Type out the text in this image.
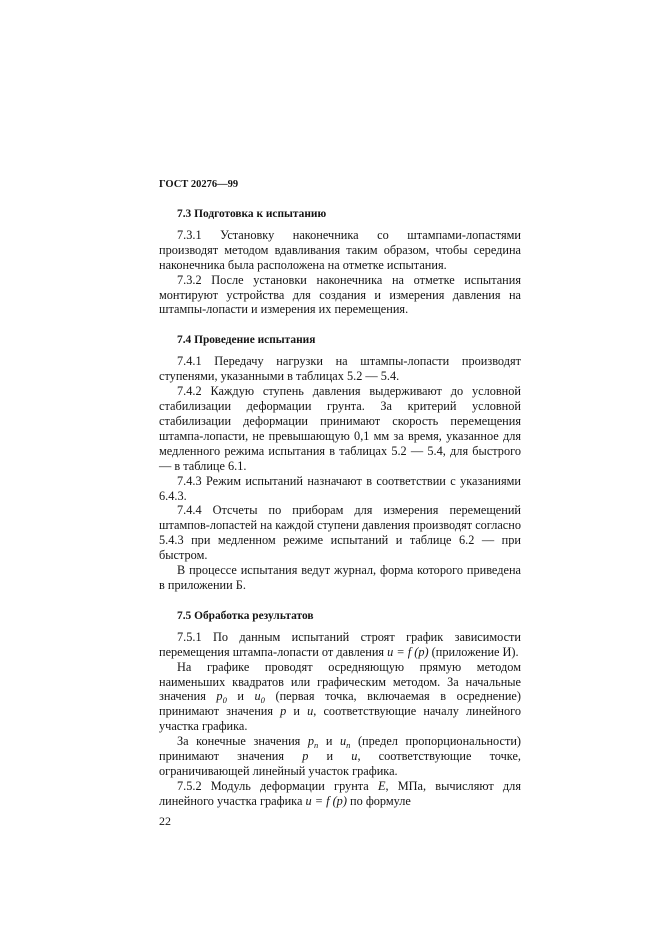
ГОСТ 20276—99
7.3 Подготовка к испытанию

7.3.1 Установку наконечника со штампами-лопастями производят методом вдавливания таким образом, чтобы середина наконечника была расположена на отметке испытания.

7.3.2 После установки наконечника на отметке испытания монтируют устройства для создания и измерения давления на штампы-лопасти и измерения их перемещения.

7.4 Проведение испытания

7.4.1 Передачу нагрузки на штампы-лопасти производят ступенями, указанными в таблицах 5.2 — 5.4.

7.4.2 Каждую ступень давления выдерживают до условной стабилизации деформации грунта. За критерий условной стабилизации деформации принимают скорость перемещения штампа-лопасти, не превышающую 0,1 мм за время, указанное для медленного режима испытания в таблицах 5.2 — 5.4, для быстрого — в таблице 6.1.

7.4.3 Режим испытаний назначают в соответствии с указаниями 6.4.3.

7.4.4 Отсчеты по приборам для измерения перемещений штампов-лопастей на каждой ступени давления производят согласно 5.4.3 при медленном режиме испытаний и таблице 6.2 — при быстром.

В процессе испытания ведут журнал, форма которого приведена в приложении Б.

7.5 Обработка результатов

7.5.1 По данным испытаний строят график зависимости перемещения штампа-лопасти от давления u = f (p) (приложение И).

На графике проводят осредняющую прямую методом наименьших квадратов или графическим методом. За начальные значения $p_0$ и $u_0$ (первая точка, включаемая в осреднение) принимают значения p и u, соответствующие началу линейного участка графика.

За конечные значения $p_n$ и $u_n$ (предел пропорциональности) принимают значения p и u, соответствующие точке, ограничивающей линейный участок графика.

7.5.2 Модуль деформации грунта E, МПа, вычисляют для линейного участка графика u = f (p) по формуле

22
